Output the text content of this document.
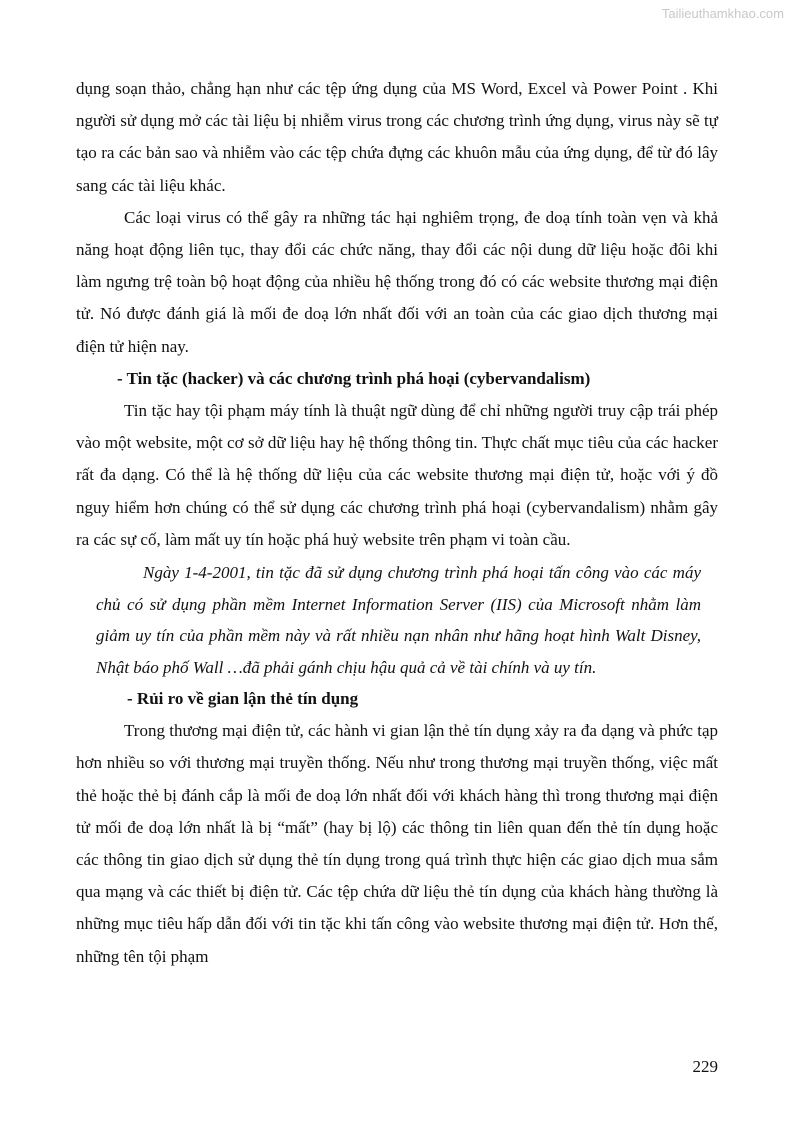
Tailieuthamkhao.com

dụng soạn thảo, chẳng hạn như các tệp ứng dụng của MS Word, Excel và Power Point . Khi người sử dụng mở các tài liệu bị nhiễm virus trong các chương trình ứng dụng, virus này sẽ tự tạo ra các bản sao và nhiễm vào các tệp chứa đựng các khuôn mẫu của ứng dụng, để từ đó lây sang các tài liệu khác.

Các loại virus có thể gây ra những tác hại nghiêm trọng, đe doạ tính toàn vẹn và khả năng hoạt động liên tục, thay đổi các chức năng, thay đổi các nội dung dữ liệu hoặc đôi khi làm ngưng trệ toàn bộ hoạt động của nhiều hệ thống trong đó có các website thương mại điện tử. Nó được đánh giá là mối đe doạ lớn nhất đối với an toàn của các giao dịch thương mại điện tử hiện nay.

- Tin tặc (hacker) và các chương trình phá hoại (cybervandalism)

Tin tặc hay tội phạm máy tính là thuật ngữ dùng để chỉ những người truy cập trái phép vào một website, một cơ sở dữ liệu hay hệ thống thông tin. Thực chất mục tiêu của các hacker rất đa dạng. Có thể là hệ thống dữ liệu của các website thương mại điện tử, hoặc với ý đồ nguy hiểm hơn chúng có thể sử dụng các chương trình phá hoại (cybervandalism) nhằm gây ra các sự cố, làm mất uy tín hoặc phá huỷ website trên phạm vi toàn cầu.

Ngày 1-4-2001, tin tặc đã sử dụng chương trình phá hoại tấn công vào các máy chủ có sử dụng phần mềm Internet Information Server (IIS) của Microsoft nhằm làm giảm uy tín của phần mềm này và rất nhiều nạn nhân như hãng hoạt hình Walt Disney, Nhật báo phố Wall …đã phải gánh chịu hậu quả cả về tài chính và uy tín.

- Rủi ro về gian lận thẻ tín dụng

Trong thương mại điện tử, các hành vi gian lận thẻ tín dụng xảy ra đa dạng và phức tạp hơn nhiều so với thương mại truyền thống. Nếu như trong thương mại truyền thống, việc mất thẻ hoặc thẻ bị đánh cắp là mối đe doạ lớn nhất đối với khách hàng thì trong thương mại điện tử mối đe doạ lớn nhất là bị “mất” (hay bị lộ) các thông tin liên quan đến thẻ tín dụng hoặc các thông tin giao dịch sử dụng thẻ tín dụng trong quá trình thực hiện các giao dịch mua sắm qua mạng và các thiết bị điện tử. Các tệp chứa dữ liệu thẻ tín dụng của khách hàng thường là những mục tiêu hấp dẫn đối với tin tặc khi tấn công vào website thương mại điện tử. Hơn thế, những tên tội phạm

229
